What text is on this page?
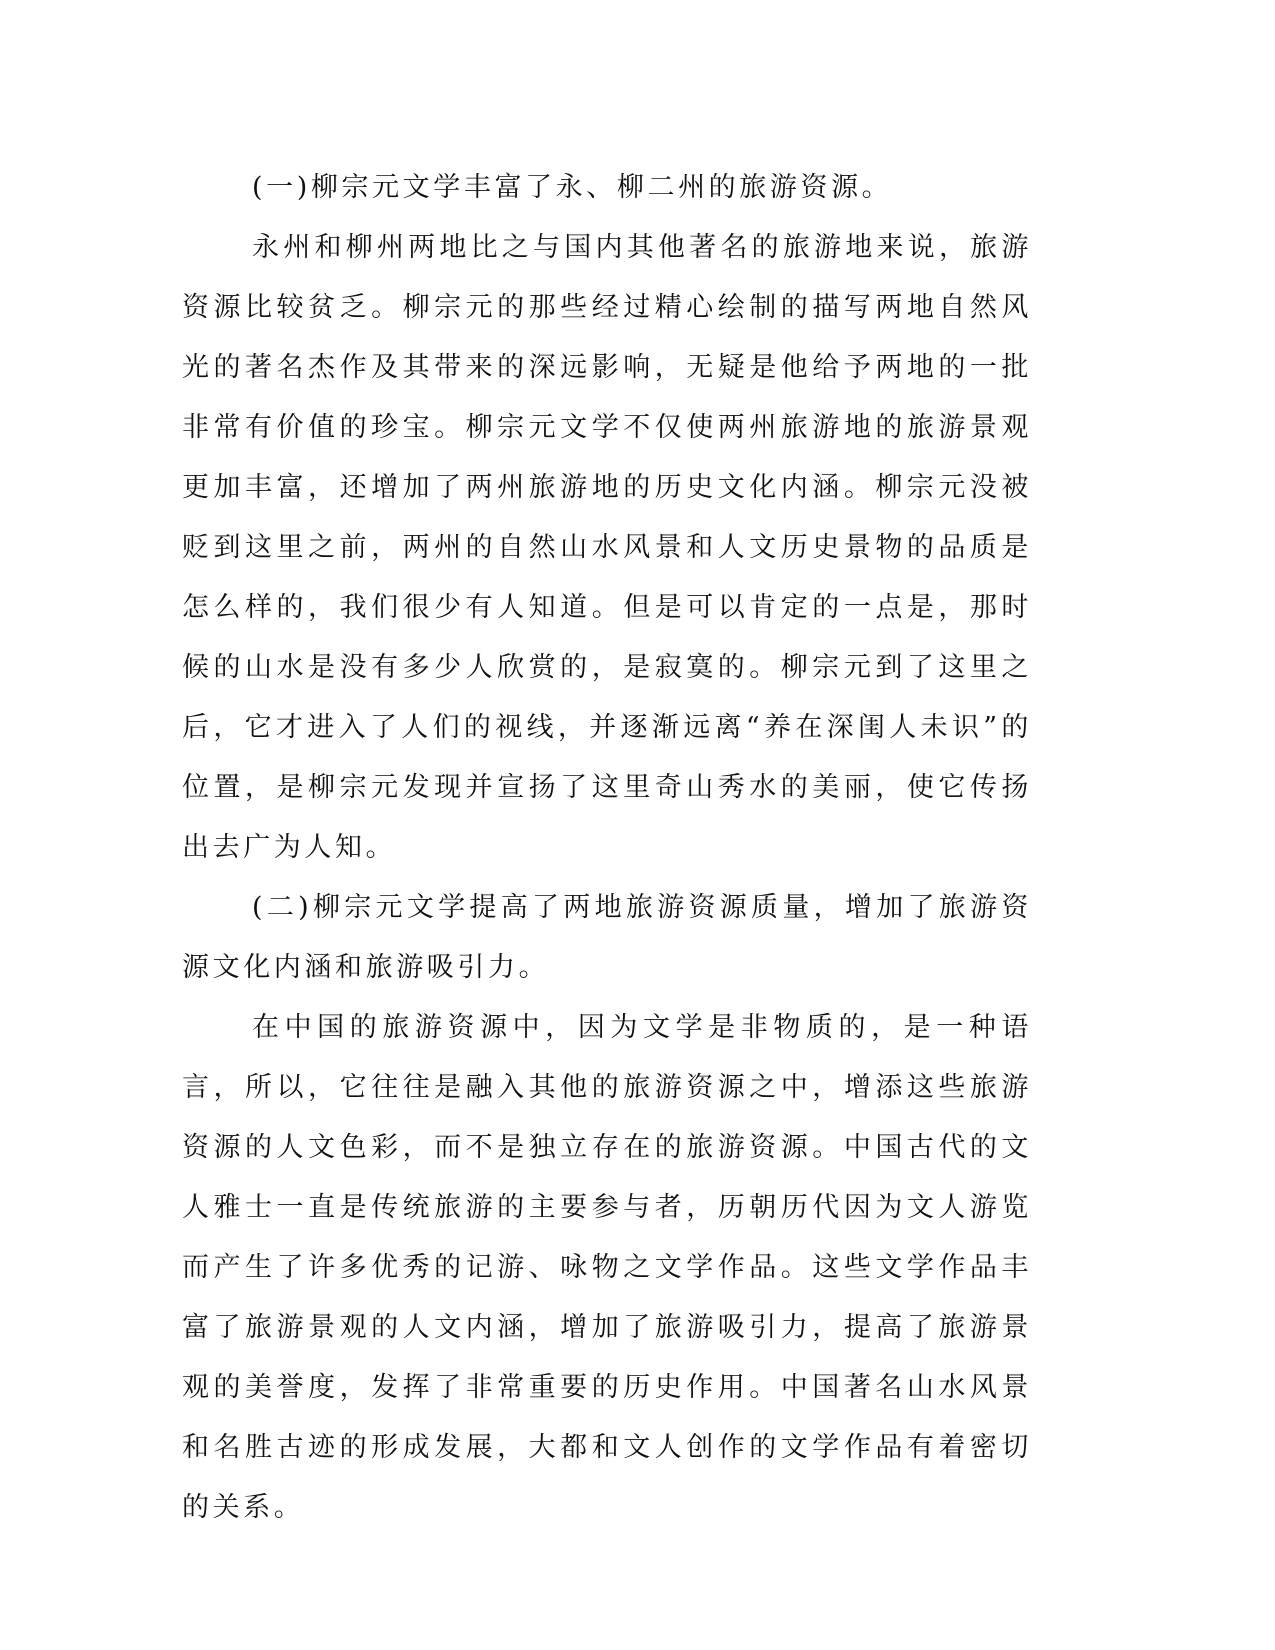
(一)柳宗元文学丰富了永、柳二州的旅游资源。

永州和柳州两地比之与国内其他著名的旅游地来说，旅游资源比较贫乏。柳宗元的那些经过精心绘制的描写两地自然风光的著名杰作及其带来的深远影响，无疑是他给予两地的一批非常有价值的珍宝。柳宗元文学不仅使两州旅游地的旅游景观更加丰富，还增加了两州旅游地的历史文化内涵。柳宗元没被贬到这里之前，两州的自然山水风景和人文历史景物的品质是怎么样的，我们很少有人知道。但是可以肯定的一点是，那时候的山水是没有多少人欣赏的，是寂寞的。柳宗元到了这里之后，它才进入了人们的视线，并逐渐远离“养在深闺人未识”的位置，是柳宗元发现并宣扬了这里奇山秀水的美丽，使它传扬出去广为人知。

(二)柳宗元文学提高了两地旅游资源质量，增加了旅游资源文化内涵和旅游吸引力。

在中国的旅游资源中，因为文学是非物质的，是一种语言，所以，它往往是融入其他的旅游资源之中，增添这些旅游资源的人文色彩，而不是独立存在的旅游资源。中国古代的文人雅士一直是传统旅游的主要参与者，历朝历代因为文人游览而产生了许多优秀的记游、咏物之文学作品。这些文学作品丰富了旅游景观的人文内涵，增加了旅游吸引力，提高了旅游景观的美誉度，发挥了非常重要的历史作用。中国著名山水风景和名胜古迹的形成发展，大都和文人创作的文学作品有着密切的关系。
